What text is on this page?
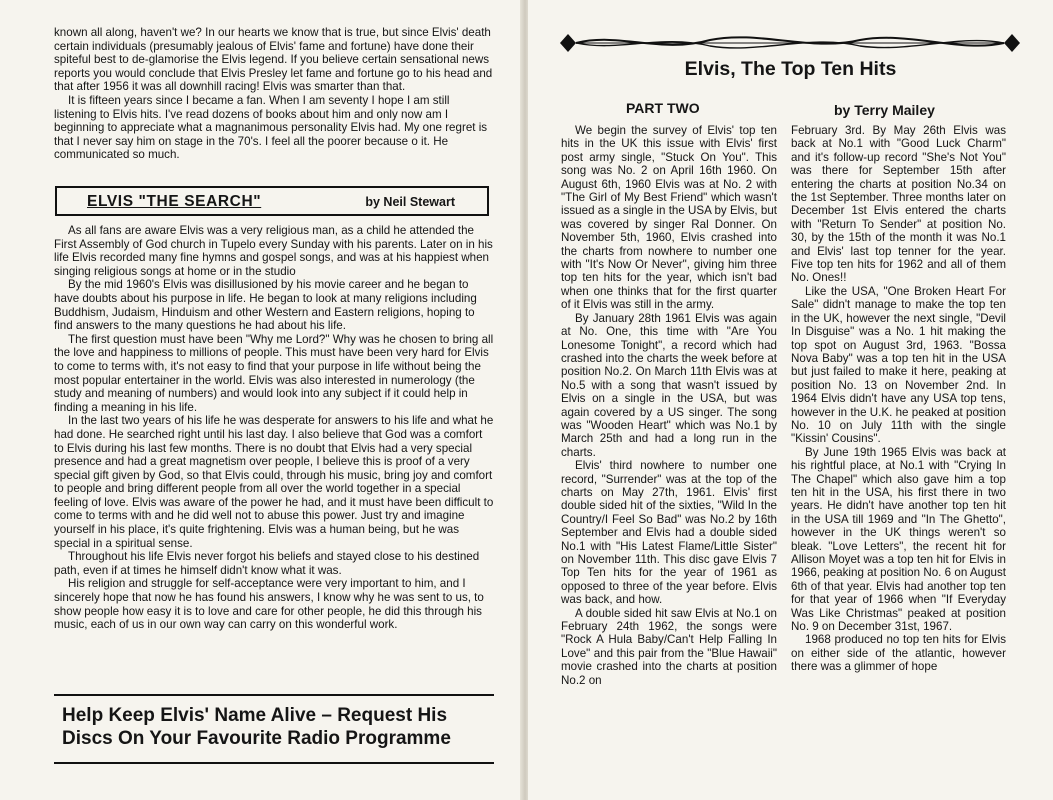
known all along, haven't we? In our hearts we know that is true, but since Elvis' death certain individuals (presumably jealous of Elvis' fame and fortune) have done their spiteful best to de-glamorise the Elvis legend. If you believe certain sensational news reports you would conclude that Elvis Presley let fame and fortune go to his head and that after 1956 it was all downhill racing! Elvis was smarter than that.

It is fifteen years since I became a fan. When I am seventy I hope I am still listening to Elvis hits. I've read dozens of books about him and only now am I beginning to appreciate what a magnanimous personality Elvis had. My one regret is that I never say him on stage in the 70's. I feel all the poorer because o it. He communicated so much.

ELVIS "THE SEARCH"	by Neil Stewart

As all fans are aware Elvis was a very religious man, as a child he attended the First Assembly of God church in Tupelo every Sunday with his parents. Later on in his life Elvis recorded many fine hymns and gospel songs, and was at his happiest when singing religious songs at home or in the studio

By the mid 1960's Elvis was disillusioned by his movie career and he began to have doubts about his purpose in life. He began to look at many religions including Buddhism, Judaism, Hinduism and other Western and Eastern religions, hoping to find answers to the many questions he had about his life.

The first question must have been "Why me Lord?" Why was he chosen to bring all the love and happiness to millions of people. This must have been very hard for Elvis to come to terms with, it's not easy to find that your purpose in life without being the most popular entertainer in the world. Elvis was also interested in numerology (the study and meaning of numbers) and would look into any subject if it could help in finding a meaning in his life.

In the last two years of his life he was desperate for answers to his life and what he had done. He searched right until his last day. I also believe that God was a comfort to Elvis during his last few months. There is no doubt that Elvis had a very special presence and had a great magnetism over people, I believe this is proof of a very special gift given by God, so that Elvis could, through his music, bring joy and comfort to people and bring different people from all over the world together in a special feeling of love. Elvis was aware of the power he had, and it must have been difficult to come to terms with and he did well not to abuse this power. Just try and imagine yourself in his place, it's quite frightening. Elvis was a human being, but he was special in a spiritual sense.

Throughout his life Elvis never forgot his beliefs and stayed close to his destined path, even if at times he himself didn't know what it was.

His religion and struggle for self-acceptance were very important to him, and I sincerely hope that now he has found his answers, I know why he was sent to us, to show people how easy it is to love and care for other people, he did this through his music, each of us in our own way can carry on this wonderful work.

Help Keep Elvis' Name Alive – Request His Discs On Your Favourite Radio Programme
Elvis, The Top Ten Hits
PART TWO	by Terry Mailey

We begin the survey of Elvis' top ten hits in the UK this issue with Elvis' first post army single, "Stuck On You". This song was No. 2 on April 16th 1960. On August 6th, 1960 Elvis was at No. 2 with "The Girl of My Best Friend" which wasn't issued as a single in the USA by Elvis, but was covered by singer Ral Donner. On November 5th, 1960, Elvis crashed into the charts from nowhere to number one with "It's Now Or Never", giving him three top ten hits for the year, which isn't bad when one thinks that for the first quarter of it Elvis was still in the army.

By January 28th 1961 Elvis was again at No. One, this time with "Are You Lonesome Tonight", a record which had crashed into the charts the week before at position No.2. On March 11th Elvis was at No.5 with a song that wasn't issued by Elvis on a single in the USA, but was again covered by a US singer. The song was "Wooden Heart" which was No.1 by March 25th and had a long run in the charts.

Elvis' third nowhere to number one record, "Surrender" was at the top of the charts on May 27th, 1961. Elvis' first double sided hit of the sixties, "Wild In the Country/I Feel So Bad" was No.2 by 16th September and Elvis had a double sided No.1 with "His Latest Flame/Little Sister" on November 11th. This disc gave Elvis 7 Top Ten hits for the year of 1961 as opposed to three of the year before. Elvis was back, and how.

A double sided hit saw Elvis at No.1 on February 24th 1962, the songs were "Rock A Hula Baby/Can't Help Falling In Love" and this pair from the "Blue Hawaii" movie crashed into the charts at position No.2 on

February 3rd. By May 26th Elvis was back at No.1 with "Good Luck Charm" and it's follow-up record "She's Not You" was there for September 15th after entering the charts at position No.34 on the 1st September. Three months later on December 1st Elvis entered the charts with "Return To Sender" at position No. 30, by the 15th of the month it was No.1 and Elvis' last top tenner for the year. Five top ten hits for 1962 and all of them No. Ones!!

Like the USA, "One Broken Heart For Sale" didn't manage to make the top ten in the UK, however the next single, "Devil In Disguise" was a No. 1 hit making the top spot on August 3rd, 1963. "Bossa Nova Baby" was a top ten hit in the USA but just failed to make it here, peaking at position No. 13 on November 2nd. In 1964 Elvis didn't have any USA top tens, however in the U.K. he peaked at position No. 10 on July 11th with the single "Kissin' Cousins".

By June 19th 1965 Elvis was back at his rightful place, at No.1 with "Crying In The Chapel" which also gave him a top ten hit in the USA, his first there in two years. He didn't have another top ten hit in the USA till 1969 and "In The Ghetto", however in the UK things weren't so bleak. "Love Letters", the recent hit for Allison Moyet was a top ten hit for Elvis in 1966, peaking at position No. 6 on August 6th of that year. Elvis had another top ten for that year of 1966 when "If Everyday Was Like Christmas" peaked at position No. 9 on December 31st, 1967.

1968 produced no top ten hits for Elvis on either side of the atlantic, however there was a glimmer of hope
